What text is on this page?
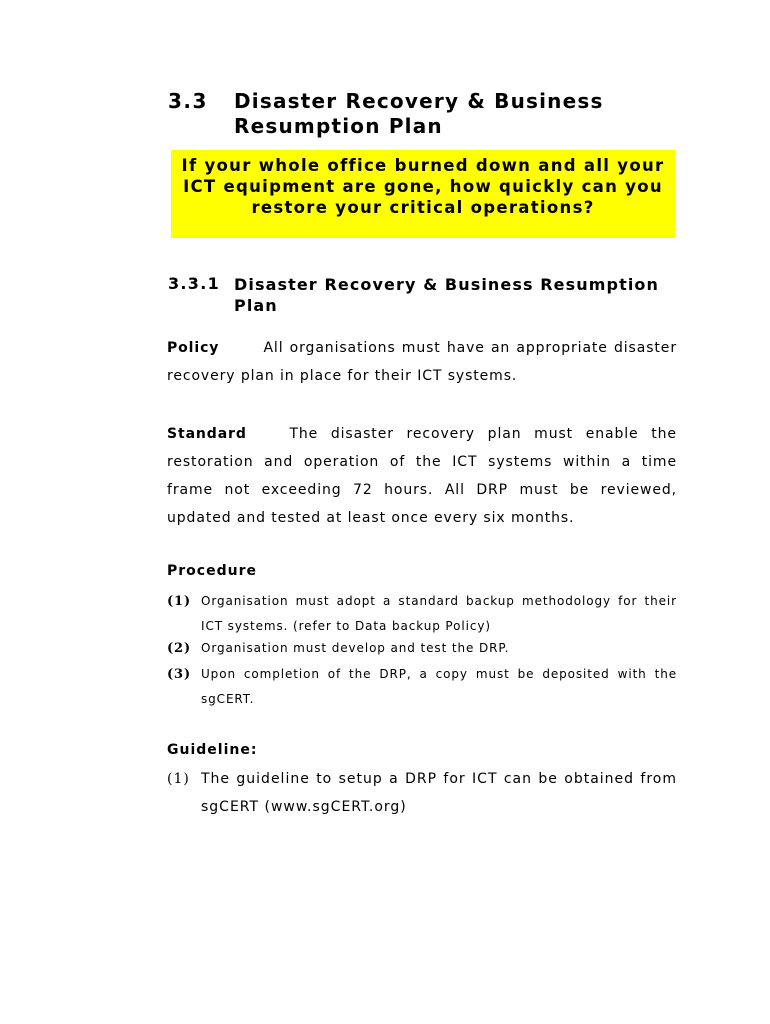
3.3 Disaster Recovery & Business Resumption Plan
If your whole office burned down and all your
ICT equipment are gone, how quickly can you
restore your critical operations?
3.3.1 Disaster Recovery & Business Resumption Plan
Policy	All organisations must have an appropriate disaster
recovery plan in place for their ICT systems.
Standard	The disaster recovery plan must enable the
restoration and operation of the ICT systems within a time frame not exceeding 72 hours. All DRP must be reviewed, updated and tested at least once every six months.
Procedure
(1) Organisation must adopt a standard backup methodology for their ICT systems. (refer to Data backup Policy)
(2) Organisation must develop and test the DRP.
(3) Upon completion of the DRP, a copy must be deposited with the sgCERT.
Guideline:
(1) The guideline to setup a DRP for ICT can be obtained from sgCERT (www.sgCERT.org)
